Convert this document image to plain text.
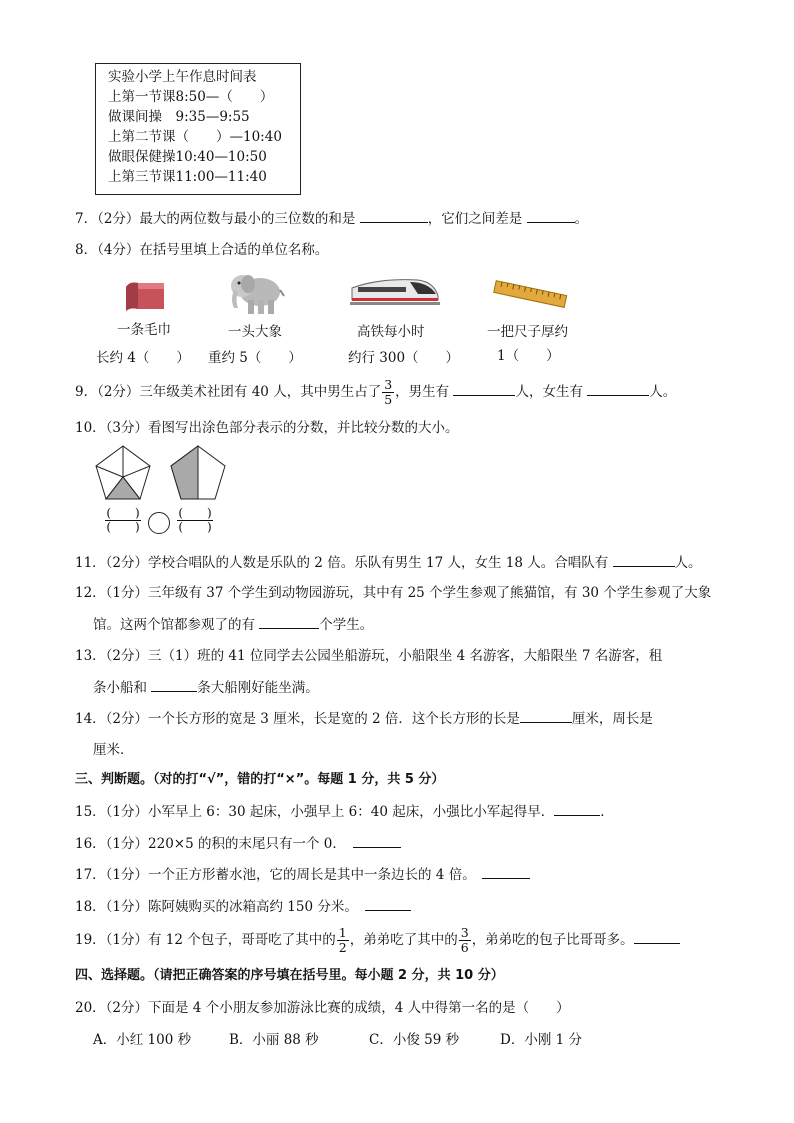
实验小学上午作息时间表
上第一节课8:50—（　　）
做课间操　9:35—9:55
上第二节课（　　）—10:40
做眼保健操10:40—10:50
上第三节课11:00—11:40
7．（2分）最大的两位数与最小的三位数的和是	，它们之间差是	。
8．（4分）在括号里填上合适的单位名称。
一条毛巾	一头大象	高铁每小时	一把尺子厚约
长约 4（　　） 重约 5（　　）	约行 300（　　）	1（　　）
9．（2分）三年级美术社团有 40 人，其中男生占了 $\frac{3}{5}$ ，男生有	人，女生有	人。
10．（3分）看图写出涂色部分表示的分数，并比较分数的大小。
(　　)
(　　)
(　　)
(　　)
11．（2分）学校合唱队的人数是乐队的 2 倍。乐队有男生 17 人，女生 18 人。合唱队有	人。
12．（1分）三年级有 37 个学生到动物园游玩，其中有 25 个学生参观了熊猫馆，有 30 个学生参观了大象
馆。这两个馆都参观了的有	个学生。
13．（2分）三（1）班的 41 位同学去公园坐船游玩，小船限坐 4 名游客，大船限坐 7 名游客，租
条小船和	条大船刚好能坐满。
14．（2分）一个长方形的宽是 3 厘米，长是宽的 2 倍．这个长方形的长是	厘米，周长是
厘米．
三、判断题。（对的打“√”，错的打“×”。每题 1 分，共 5 分）
15．（1分）小军早上 6：30 起床，小强早上 6：40 起床，小强比小军起得早．	．
16．（1分）220×5 的积的末尾只有一个 0．　
17．（1分）一个正方形蓄水池，它的周长是其中一条边长的 4 倍。　
18．（1分）陈阿姨购买的冰箱高约 150 分米。　
19．（1分）有 12 个包子，哥哥吃了其中的 $\frac{1}{2}$ ，弟弟吃了其中的 $\frac{3}{6}$ ，弟弟吃的包子比哥哥多。
四、选择题。（请把正确答案的序号填在括号里。每小题 2 分，共 10 分）
20．（2分）下面是 4 个小朋友参加游泳比赛的成绩，4 人中得第一名的是（　　）
A．小红 100 秒	B．小丽 88 秒	C．小俊 59 秒	D．小刚 1 分
